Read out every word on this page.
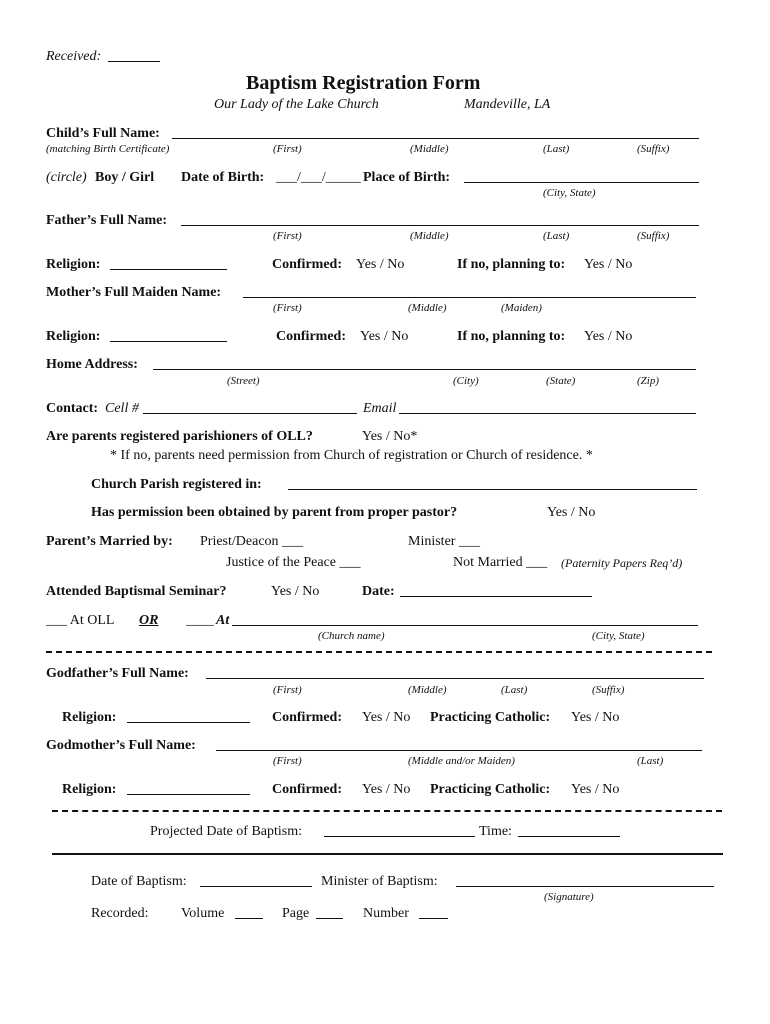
Received:
Baptism Registration Form
Our Lady of the Lake Church	Mandeville, LA
Child’s Full Name:
(matching Birth Certificate)	(First)	(Middle)	(Last)	(Suffix)
(circle) Boy / Girl Date of Birth: ___/___/_____ Place of Birth:
(City, State)
Father’s Full Name:
(First)	(Middle)	(Last)	(Suffix)
Religion:	Confirmed: Yes / No	If no, planning to: Yes / No
Mother’s Full Maiden Name:
(First)	(Middle)	(Maiden)
Religion:	Confirmed: Yes / No	If no, planning to: Yes / No
Home Address:
(Street)	(City)	(State)	(Zip)
Contact: Cell #	Email
Are parents registered parishioners of OLL?	Yes / No*
* If no, parents need permission from Church of registration or Church of residence. *
Church Parish registered in:
Has permission been obtained by parent from proper pastor?	Yes / No
Parent’s Married by: Priest/Deacon ___	Minister ___
Justice of the Peace ___	Not Married ___ (Paternity Papers Req’d)
Attended Baptismal Seminar?	Yes / No	Date:
___ At OLL OR ____ At
(Church name)	(City, State)
Godfather’s Full Name:
(First)	(Middle)	(Last)	(Suffix)
Religion:	Confirmed: Yes / No Practicing Catholic: Yes / No
Godmother’s Full Name:
(First)	(Middle and/or Maiden)	(Last)
Religion:	Confirmed: Yes / No Practicing Catholic: Yes / No
Projected Date of Baptism:	Time:
Date of Baptism:	Minister of Baptism:
(Signature)
Recorded: Volume	Page	Number
